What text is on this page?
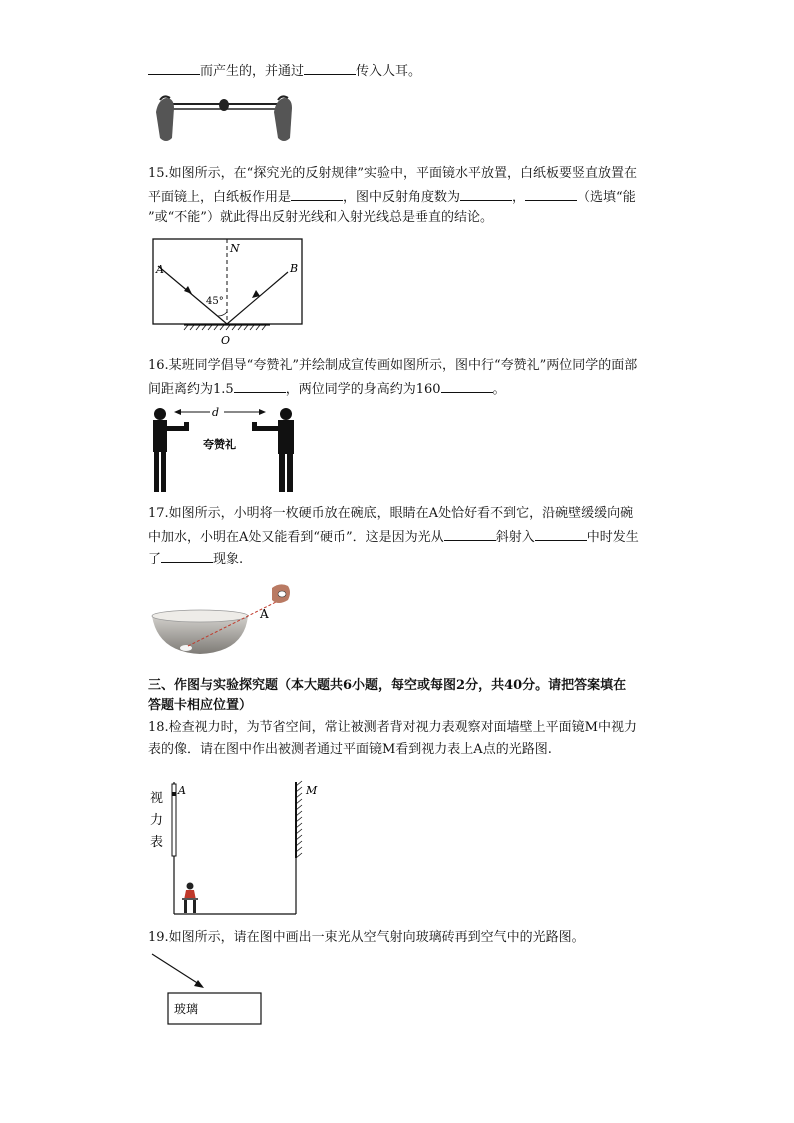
而产生的，并通过	传入人耳。
15.如图所示，在“探究光的反射规律”实验中，平面镜水平放置，白纸板要竖直放置在
平面镜上，白纸板作用是	，图中反射角度数为	，	（选填“能
”或“不能”）就此得出反射光线和入射光线总是垂直的结论。
N
A	B
45°
O
16.某班同学倡导“夸赞礼”并绘制成宣传画如图所示，图中行“夸赞礼”两位同学的面部
间距离约为1.5	，两位同学的身高约为160	。
d
夸赞礼
17.如图所示，小明将一枚硬币放在碗底，眼睛在A处恰好看不到它，沿碗壁缓缓向碗
中加水，小明在A处又能看到“硬币”．这是因为光从	斜射入	中时发生
了	现象.
A
三、作图与实验探究题（本大题共6小题，每空或每图2分，共40分。请把答案填在
答题卡相应位置）
18.检查视力时，为节省空间，常让被测者背对视力表观察对面墙壁上平面镜M中视力
表的像．请在图中作出被测者通过平面镜M看到视力表上A点的光路图.
视
力
表
A	M
19.如图所示，请在图中画出一束光从空气射向玻璃砖再到空气中的光路图。
玻璃
